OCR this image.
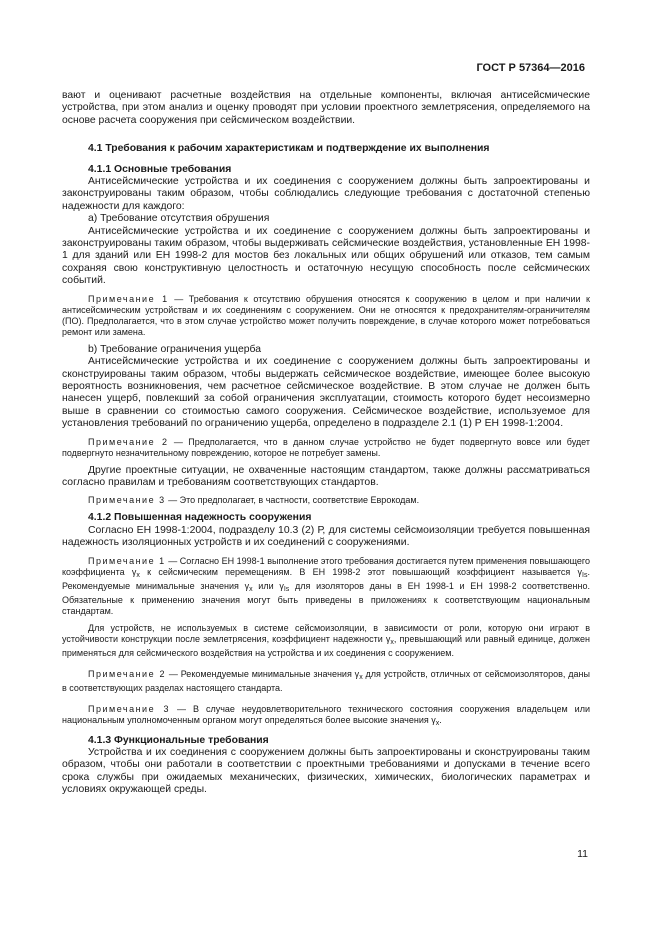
ГОСТ Р 57364—2016

вают и оценивают расчетные воздействия на отдельные компоненты, включая антисейсмические устройства, при этом анализ и оценку проводят при условии проектного землетрясения, определяемого на основе расчета сооружения при сейсмическом воздействии.

4.1 Требования к рабочим характеристикам и подтверждение их выполнения

4.1.1 Основные требования

Антисейсмические устройства и их соединения с сооружением должны быть запроектированы и законструированы таким образом, чтобы соблюдались следующие требования с достаточной степенью надежности для каждого:

а) Требование отсутствия обрушения

Антисейсмические устройства и их соединение с сооружением должны быть запроектированы и законструированы таким образом, чтобы выдерживать сейсмические воздействия, установленные ЕН 1998-1 для зданий или ЕН 1998-2 для мостов без локальных или общих обрушений или отказов, тем самым сохраняя свою конструктивную целостность и остаточную несущую способность после сейсмических событий.

Примечание 1 — Требования к отсутствию обрушения относятся к сооружению в целом и при наличии к антисейсмическим устройствам и их соединениям с сооружением. Они не относятся к предохранителям-ограничителям (ПО). Предполагается, что в этом случае устройство может получить повреждение, в случае которого может потребоваться ремонт или замена.

b) Требование ограничения ущерба

Антисейсмические устройства и их соединение с сооружением должны быть запроектированы и сконструированы таким образом, чтобы выдержать сейсмическое воздействие, имеющее более высокую вероятность возникновения, чем расчетное сейсмическое воздействие. В этом случае не должен быть нанесен ущерб, повлекший за собой ограничения эксплуатации, стоимость которого будет несоизмерно выше в сравнении со стоимостью самого сооружения. Сейсмическое воздействие, используемое для установления требований по ограничению ущерба, определено в подразделе 2.1 (1) Р ЕН 1998-1:2004.

Примечание 2 — Предполагается, что в данном случае устройство не будет подвергнуто вовсе или будет подвергнуто незначительному повреждению, которое не потребует замены.

Другие проектные ситуации, не охваченные настоящим стандартом, также должны рассматриваться согласно правилам и требованиям соответствующих стандартов.

Примечание 3 — Это предполагает, в частности, соответствие Еврокодам.

4.1.2 Повышенная надежность сооружения

Согласно ЕН 1998-1:2004, подразделу 10.3 (2) Р, для системы сейсмоизоляции требуется повышенная надежность изоляционных устройств и их соединений с сооружениями.

Примечание 1 — Согласно ЕН 1998-1 выполнение этого требования достигается путем применения повышающего коэффициента $\gamma_x$ к сейсмическим перемещениям. В ЕН 1998-2 этот повышающий коэффициент называется $\gamma_{Is}$. Рекомендуемые минимальные значения $\gamma_x$ или $\gamma_{Is}$ для изоляторов даны в ЕН 1998-1 и ЕН 1998-2 соответственно. Обязательные к применению значения могут быть приведены в приложениях к соответствующим национальным стандартам.

Для устройств, не используемых в системе сейсмоизоляции, в зависимости от роли, которую они играют в устойчивости конструкции после землетрясения, коэффициент надежности $\gamma_x$, превышающий или равный единице, должен применяться для сейсмического воздействия на устройства и их соединения с сооружением.

Примечание 2 — Рекомендуемые минимальные значения $\gamma_x$ для устройств, отличных от сейсмоизоляторов, даны в соответствующих разделах настоящего стандарта.

Примечание 3 — В случае неудовлетворительного технического состояния сооружения владельцем или национальным уполномоченным органом могут определяться более высокие значения $\gamma_x$.

4.1.3 Функциональные требования

Устройства и их соединения с сооружением должны быть запроектированы и сконструированы таким образом, чтобы они работали в соответствии с проектными требованиями и допусками в течение всего срока службы при ожидаемых механических, физических, химических, биологических параметрах и условиях окружающей среды.

11
